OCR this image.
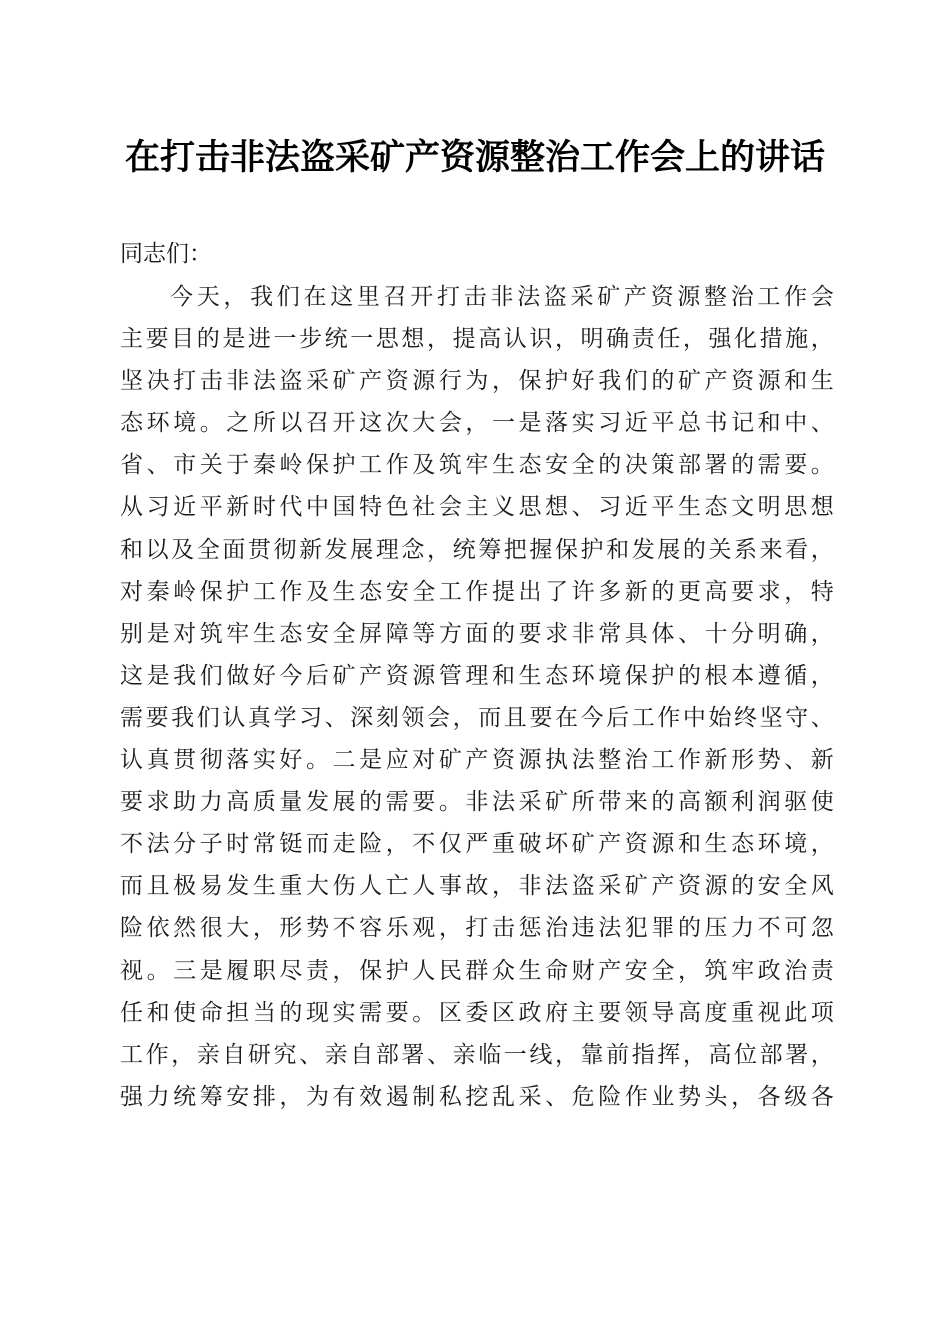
在打击非法盗采矿产资源整治工作会上的讲话
同志们：
今天，我们在这里召开打击非法盗采矿产资源整治工作会
主要目的是进一步统一思想，提高认识，明确责任，强化措施，
坚决打击非法盗采矿产资源行为，保护好我们的矿产资源和生
态环境。之所以召开这次大会，一是落实习近平总书记和中、
省、市关于秦岭保护工作及筑牢生态安全的决策部署的需要。
从习近平新时代中国特色社会主义思想、习近平生态文明思想
和以及全面贯彻新发展理念，统筹把握保护和发展的关系来看，
对秦岭保护工作及生态安全工作提出了许多新的更高要求，特
别是对筑牢生态安全屏障等方面的要求非常具体、十分明确，
这是我们做好今后矿产资源管理和生态环境保护的根本遵循，
需要我们认真学习、深刻领会，而且要在今后工作中始终坚守、
认真贯彻落实好。二是应对矿产资源执法整治工作新形势、新
要求助力高质量发展的需要。非法采矿所带来的高额利润驱使
不法分子时常铤而走险，不仅严重破坏矿产资源和生态环境，
而且极易发生重大伤人亡人事故，非法盗采矿产资源的安全风
险依然很大，形势不容乐观，打击惩治违法犯罪的压力不可忽
视。三是履职尽责，保护人民群众生命财产安全，筑牢政治责
任和使命担当的现实需要。区委区政府主要领导高度重视此项
工作，亲自研究、亲自部署、亲临一线，靠前指挥，高位部署，
强力统筹安排，为有效遏制私挖乱采、危险作业势头，各级各
